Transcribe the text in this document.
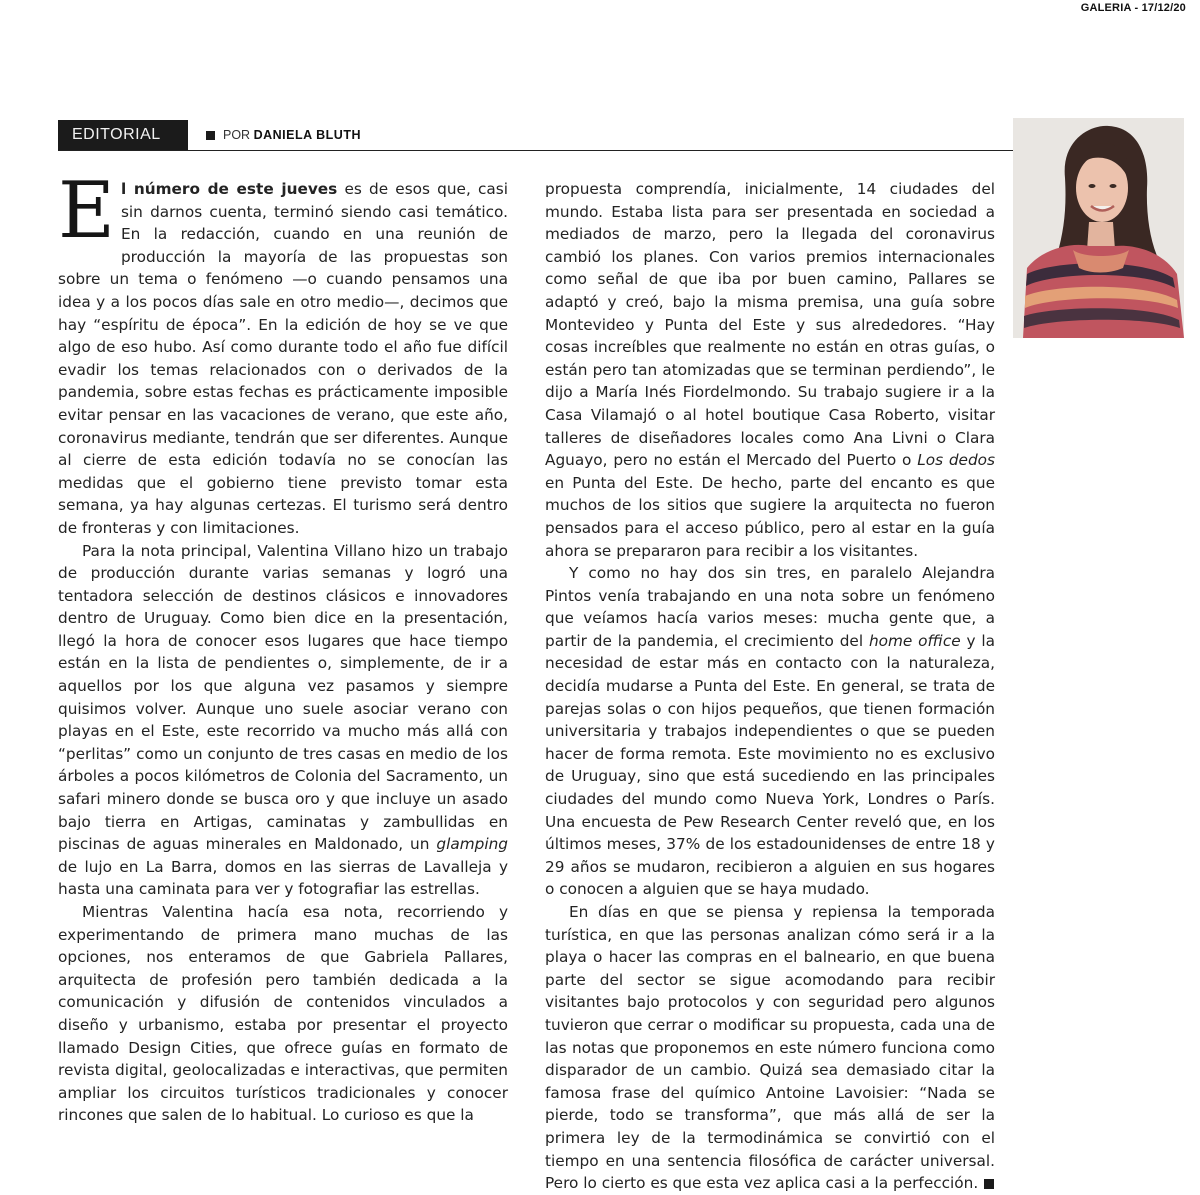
GALERIA - 17/12/20
EDITORIAL	POR DANIELA BLUTH

El número de este jueves es de esos que, casi sin darnos cuenta, terminó siendo casi temático. En la redacción, cuando en una reunión de producción la mayoría de las propuestas son sobre un tema o fenómeno —o cuando pensamos una idea y a los pocos días sale en otro medio—, decimos que hay “espíritu de época”. En la edición de hoy se ve que algo de eso hubo. Así como durante todo el año fue difícil evadir los temas relacionados con o derivados de la pandemia, sobre estas fechas es prácticamente imposible evitar pensar en las vacaciones de verano, que este año, coronavirus mediante, tendrán que ser diferentes. Aunque al cierre de esta edición todavía no se conocían las medidas que el gobierno tiene previsto tomar esta semana, ya hay algunas certezas. El turismo será dentro de fronteras y con limitaciones.

Para la nota principal, Valentina Villano hizo un trabajo de producción durante varias semanas y logró una tentadora selección de destinos clásicos e innovadores dentro de Uruguay. Como bien dice en la presentación, llegó la hora de conocer esos lugares que hace tiempo están en la lista de pendientes o, simplemente, de ir a aquellos por los que alguna vez pasamos y siempre quisimos volver. Aunque uno suele asociar verano con playas en el Este, este recorrido va mucho más allá con “perlitas” como un conjunto de tres casas en medio de los árboles a pocos kilómetros de Colonia del Sacramento, un safari minero donde se busca oro y que incluye un asado bajo tierra en Artigas, caminatas y zambullidas en piscinas de aguas minerales en Maldonado, un glamping de lujo en La Barra, domos en las sierras de Lavalleja y hasta una caminata para ver y fotografiar las estrellas.

Mientras Valentina hacía esa nota, recorriendo y experimentando de primera mano muchas de las opciones, nos enteramos de que Gabriela Pallares, arquitecta de profesión pero también dedicada a la comunicación y difusión de contenidos vinculados a diseño y urbanismo, estaba por presentar el proyecto llamado Design Cities, que ofrece guías en formato de revista digital, geolocalizadas e interactivas, que permiten ampliar los circuitos turísticos tradicionales y conocer rincones que salen de lo habitual. Lo curioso es que la

propuesta comprendía, inicialmente, 14 ciudades del mundo. Estaba lista para ser presentada en sociedad a mediados de marzo, pero la llegada del coronavirus cambió los planes. Con varios premios internacionales como señal de que iba por buen camino, Pallares se adaptó y creó, bajo la misma premisa, una guía sobre Montevideo y Punta del Este y sus alrededores. “Hay cosas increíbles que realmente no están en otras guías, o están pero tan atomizadas que se terminan perdiendo”, le dijo a María Inés Fiordelmondo. Su trabajo sugiere ir a la Casa Vilamajó o al hotel boutique Casa Roberto, visitar talleres de diseñadores locales como Ana Livni o Clara Aguayo, pero no están el Mercado del Puerto o Los dedos en Punta del Este. De hecho, parte del encanto es que muchos de los sitios que sugiere la arquitecta no fueron pensados para el acceso público, pero al estar en la guía ahora se prepararon para recibir a los visitantes.

Y como no hay dos sin tres, en paralelo Alejandra Pintos venía trabajando en una nota sobre un fenómeno que veíamos hacía varios meses: mucha gente que, a partir de la pandemia, el crecimiento del home office y la necesidad de estar más en contacto con la naturaleza, decidía mudarse a Punta del Este. En general, se trata de parejas solas o con hijos pequeños, que tienen formación universitaria y trabajos independientes o que se pueden hacer de forma remota. Este movimiento no es exclusivo de Uruguay, sino que está sucediendo en las principales ciudades del mundo como Nueva York, Londres o París. Una encuesta de Pew Research Center reveló que, en los últimos meses, 37% de los estadounidenses de entre 18 y 29 años se mudaron, recibieron a alguien en sus hogares o conocen a alguien que se haya mudado.

En días en que se piensa y repiensa la temporada turística, en que las personas analizan cómo será ir a la playa o hacer las compras en el balneario, en que buena parte del sector se sigue acomodando para recibir visitantes bajo protocolos y con seguridad pero algunos tuvieron que cerrar o modificar su propuesta, cada una de las notas que proponemos en este número funciona como disparador de un cambio. Quizá sea demasiado citar la famosa frase del químico Antoine Lavoisier: “Nada se pierde, todo se transforma”, que más allá de ser la primera ley de la termodinámica se convirtió con el tiempo en una sentencia filosófica de carácter universal. Pero lo cierto es que esta vez aplica casi a la perfección.
